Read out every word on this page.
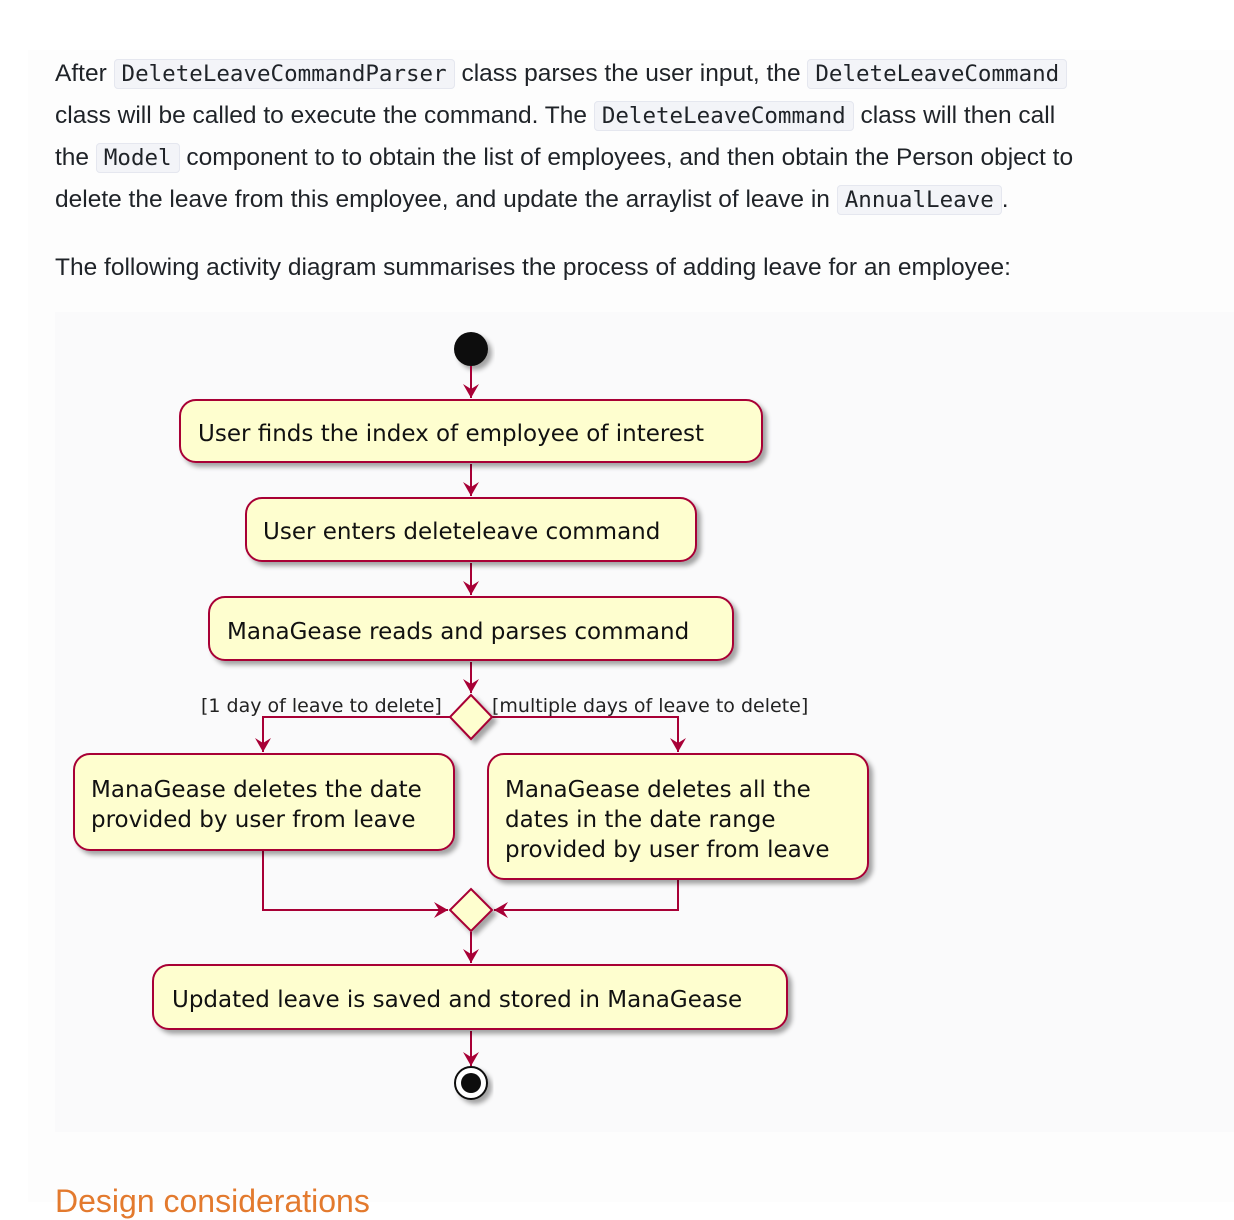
After DeleteLeaveCommandParser class parses the user input, the DeleteLeaveCommand
class will be called to execute the command. The DeleteLeaveCommand class will then call
the Model component to to obtain the list of employees, and then obtain the Person object to
delete the leave from this employee, and update the arraylist of leave in AnnualLeave .

The following activity diagram summarises the process of adding leave for an employee:

User finds the index of employee of interest
User enters deleteleave command
ManaGease reads and parses command
[1 day of leave to delete]	[multiple days of leave to delete]
ManaGease deletes the date
provided by user from leave
ManaGease deletes all the
dates in the date range
provided by user from leave
Updated leave is saved and stored in ManaGease
Design considerations
